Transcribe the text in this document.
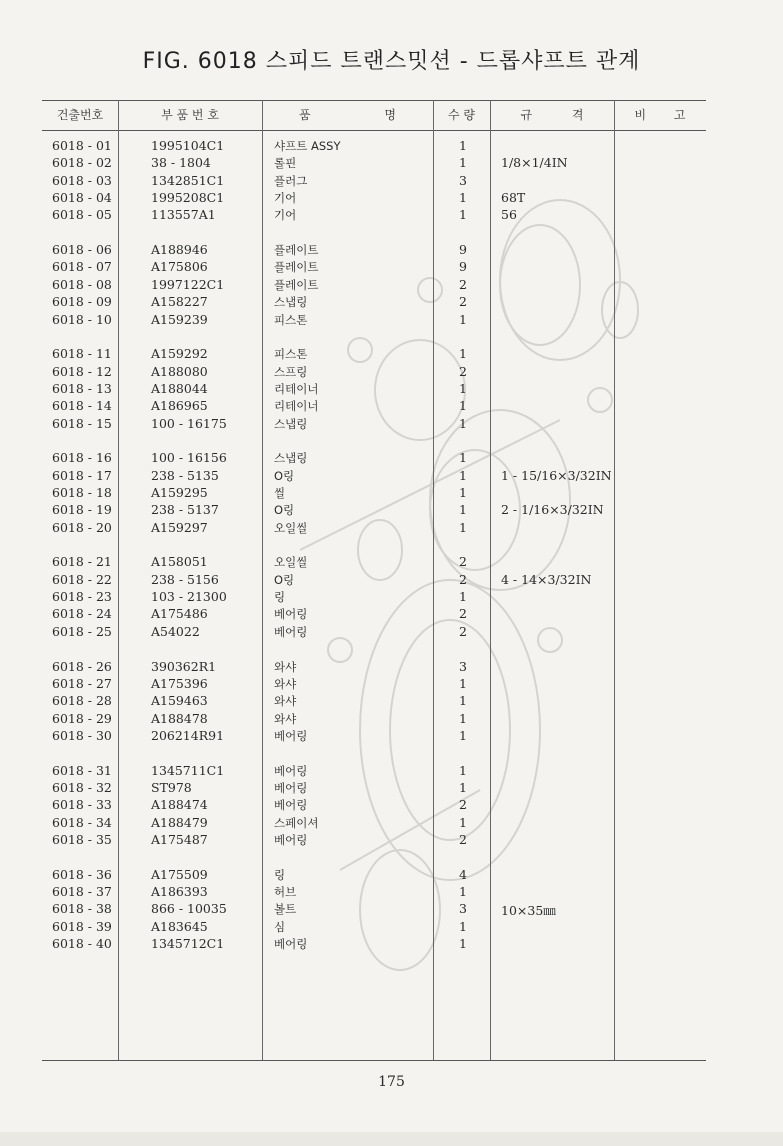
FIG. 6018 스피드 트랜스밋션 - 드롭샤프트 관계
건출번호	부 품 번 호	품 명	수 량	규 격	비 고
6018 - 01	1995104C1	샤프트 ASSY	1
6018 - 02	38 - 1804	롤핀	1	1/8×1/4IN
6018 - 03	1342851C1	플러그	3
6018 - 04	1995208C1	기어	1	68T
6018 - 05	113557A1	기어	1	56
6018 - 06	A188946	플레이트	9
6018 - 07	A175806	플레이트	9
6018 - 08	1997122C1	플레이트	2
6018 - 09	A158227	스냅링	2
6018 - 10	A159239	피스톤	1
6018 - 11	A159292	피스톤	1
6018 - 12	A188080	스프링	2
6018 - 13	A188044	리테이너	1
6018 - 14	A186965	리테이너	1
6018 - 15	100 - 16175	스냅링	1
6018 - 16	100 - 16156	스냅링	1
6018 - 17	238 - 5135	O링	1	1 - 15/16×3/32IN
6018 - 18	A159295	씰	1
6018 - 19	238 - 5137	O링	1	2 - 1/16×3/32IN
6018 - 20	A159297	오일씰	1
6018 - 21	A158051	오일씰	2
6018 - 22	238 - 5156	O링	2	4 - 14×3/32IN
6018 - 23	103 - 21300	링	1
6018 - 24	A175486	베어링	2
6018 - 25	A54022	베어링	2
6018 - 26	390362R1	와샤	3
6018 - 27	A175396	와샤	1
6018 - 28	A159463	와샤	1
6018 - 29	A188478	와샤	1
6018 - 30	206214R91	베어링	1
6018 - 31	1345711C1	베어링	1
6018 - 32	ST978	베어링	1
6018 - 33	A188474	베어링	2
6018 - 34	A188479	스페이셔	1
6018 - 35	A175487	베어링	2
6018 - 36	A175509	링	4
6018 - 37	A186393	허브	1
6018 - 38	866 - 10035	볼트	3	10×35㎜
6018 - 39	A183645	심	1
6018 - 40	1345712C1	베어링	1
175
